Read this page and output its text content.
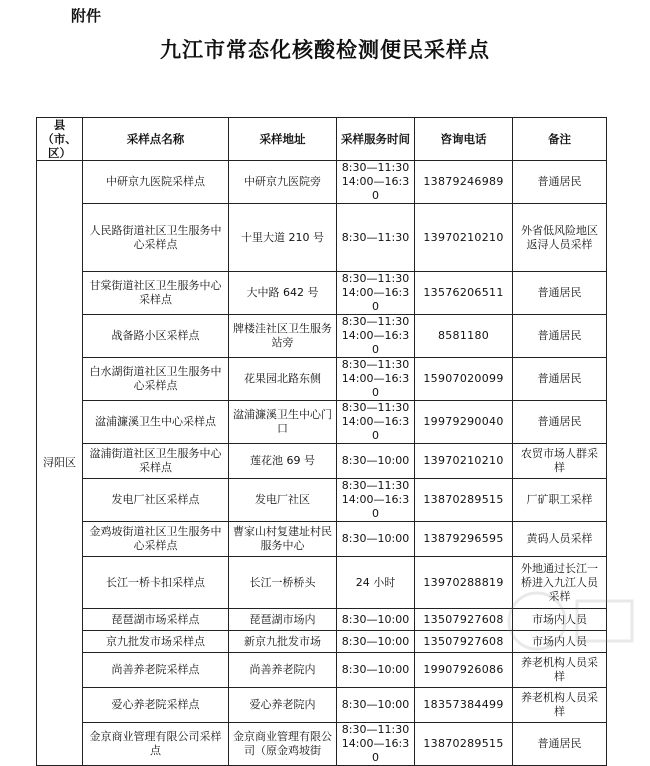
附件
九江市常态化核酸检测便民采样点
县（市、区）	采样点名称	采样地址	采样服务时间	咨询电话	备注
浔阳区	中研京九医院采样点	中研京九医院旁	8:30—11:30 14:00—16:30	13879246989	普通居民
	人民路街道社区卫生服务中心采样点	十里大道 210 号	8:30—11:30	13970210210	外省低风险地区返浔人员采样
	甘棠街道社区卫生服务中心采样点	大中路 642 号	8:30—11:30 14:00—16:30	13576206511	普通居民
	战备路小区采样点	牌楼洼社区卫生服务站旁	8:30—11:30 14:00—16:30	8581180	普通居民
	白水湖街道社区卫生服务中心采样点	花果园北路东侧	8:30—11:30 14:00—16:30	15907020099	普通居民
	湓浦濂溪卫生中心采样点	湓浦濂溪卫生中心门口	8:30—11:30 14:00—16:30	19979290040	普通居民
	湓浦街道社区卫生服务中心采样点	莲花池 69 号	8:30—10:00	13970210210	农贸市场人群采样
	发电厂社区采样点	发电厂社区	8:30—11:30 14:00—16:30	13870289515	厂矿职工采样
	金鸡坡街道社区卫生服务中心采样点	曹家山村复建址村民服务中心	8:30—10:00	13879296595	黄码人员采样
	长江一桥卡扣采样点	长江一桥桥头	24 小时	13970288819	外地通过长江一桥进入九江人员采样
	琵琶湖市场采样点	琵琶湖市场内	8:30—10:00	13507927608	市场内人员
	京九批发市场采样点	新京九批发市场	8:30—10:00	13507927608	市场内人员
	尚善养老院采样点	尚善养老院内	8:30—10:00	19907926086	养老机构人员采样
	爱心养老院采样点	爱心养老院内	8:30—10:00	18357384499	养老机构人员采样
	金京商业管理有限公司采样点	金京商业管理有限公司（原金鸡坡街	8:30—11:30 14:00—16:30	13870289515	普通居民
